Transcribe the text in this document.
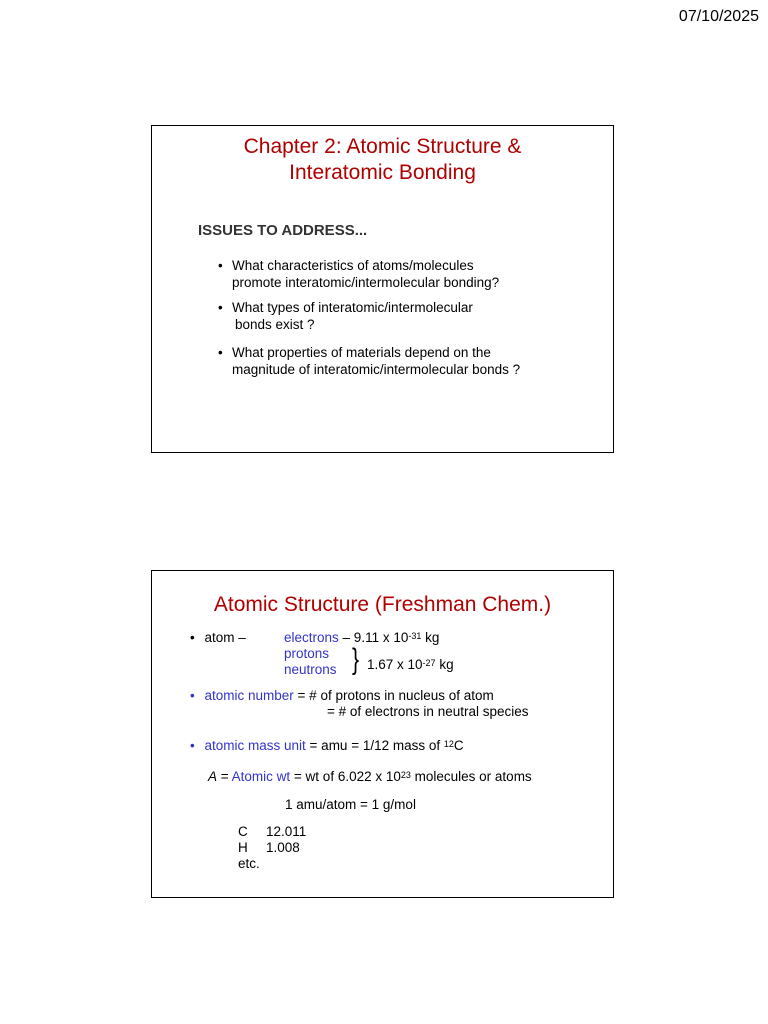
07/10/2025
Chapter 2: Atomic Structure &
Interatomic Bonding
ISSUES TO ADDRESS...
• What characteristics of atoms/molecules
promote interatomic/intermolecular bonding?
• What types of interatomic/intermolecular
bonds exist ?
• What properties of materials depend on the
magnitude of interatomic/intermolecular bonds ?
Atomic Structure (Freshman Chem.)
• atom –	electrons – 9.11 x $10^{-31}$ kg
protons
neutrons } 1.67 x $10^{-27}$ kg
• atomic number = # of protons in nucleus of atom
= # of electrons in neutral species
• atomic mass unit = amu = 1/12 mass of $^{12}$C
A = Atomic wt = wt of 6.022 x $10^{23}$ molecules or atoms
1 amu/atom = 1 g/mol
C 12.011
H 1.008
etc.
